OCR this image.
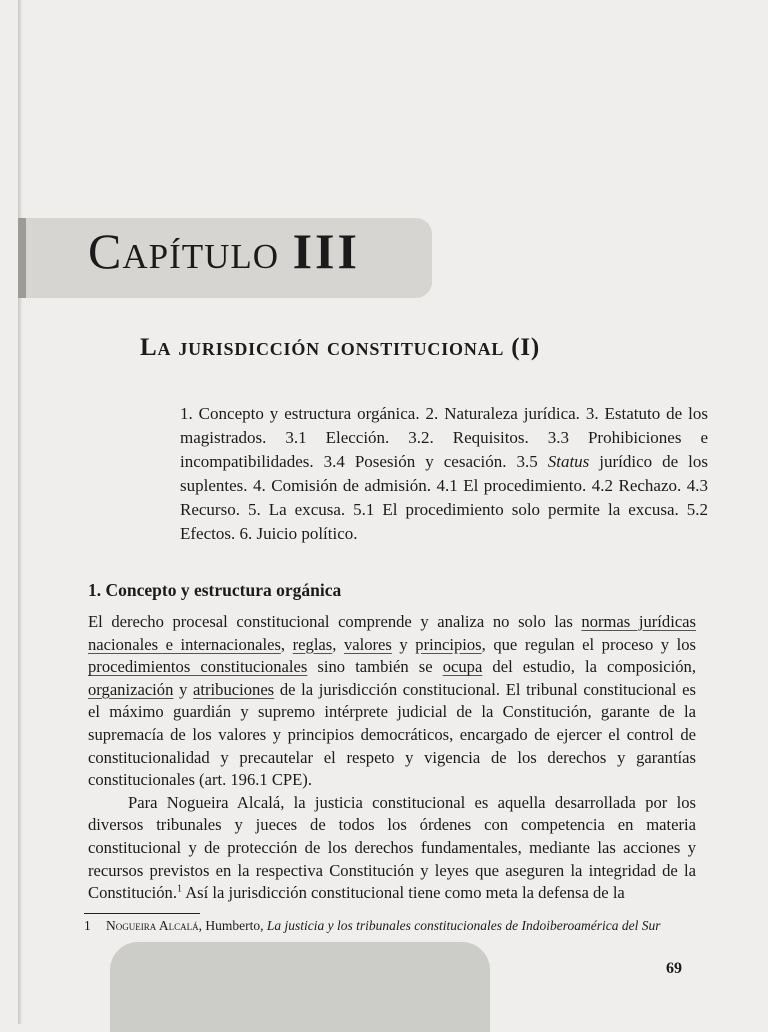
Capítulo III
La jurisdicción constitucional (I)

1. Concepto y estructura orgánica. 2. Naturaleza jurídica. 3. Estatuto de los magistrados. 3.1 Elección. 3.2. Requisitos. 3.3 Prohibiciones e incompatibilidades. 3.4 Posesión y cesación. 3.5 Status jurídico de los suplentes. 4. Comisión de admisión. 4.1 El procedimiento. 4.2 Rechazo. 4.3 Recurso. 5. La excusa. 5.1 El procedimiento solo permite la excusa. 5.2 Efectos. 6. Juicio político.

1. Concepto y estructura orgánica

El derecho procesal constitucional comprende y analiza no solo las normas jurídicas nacionales e internacionales, reglas, valores y principios, que regulan el proceso y los procedimientos constitucionales sino también se ocupa del estudio, la composición, organización y atribuciones de la jurisdicción constitucional. El tribunal constitucional es el máximo guardián y supremo intérprete judicial de la Constitución, garante de la supremacía de los valores y principios democráticos, encargado de ejercer el control de constitucionalidad y precautelar el respeto y vigencia de los derechos y garantías constitucionales (art. 196.1 CPE).

Para Nogueira Alcalá, la justicia constitucional es aquella desarrollada por los diversos tribunales y jueces de todos los órdenes con competencia en materia constitucional y de protección de los derechos fundamentales, mediante las acciones y recursos previstos en la respectiva Constitución y leyes que aseguren la integridad de la Constitución.$^1$ Así la jurisdicción constitucional tiene como meta la defensa de la

1 Nogueira Alcalá, Humberto, La justicia y los tribunales constitucionales de Indoiberoamérica del Sur
69
